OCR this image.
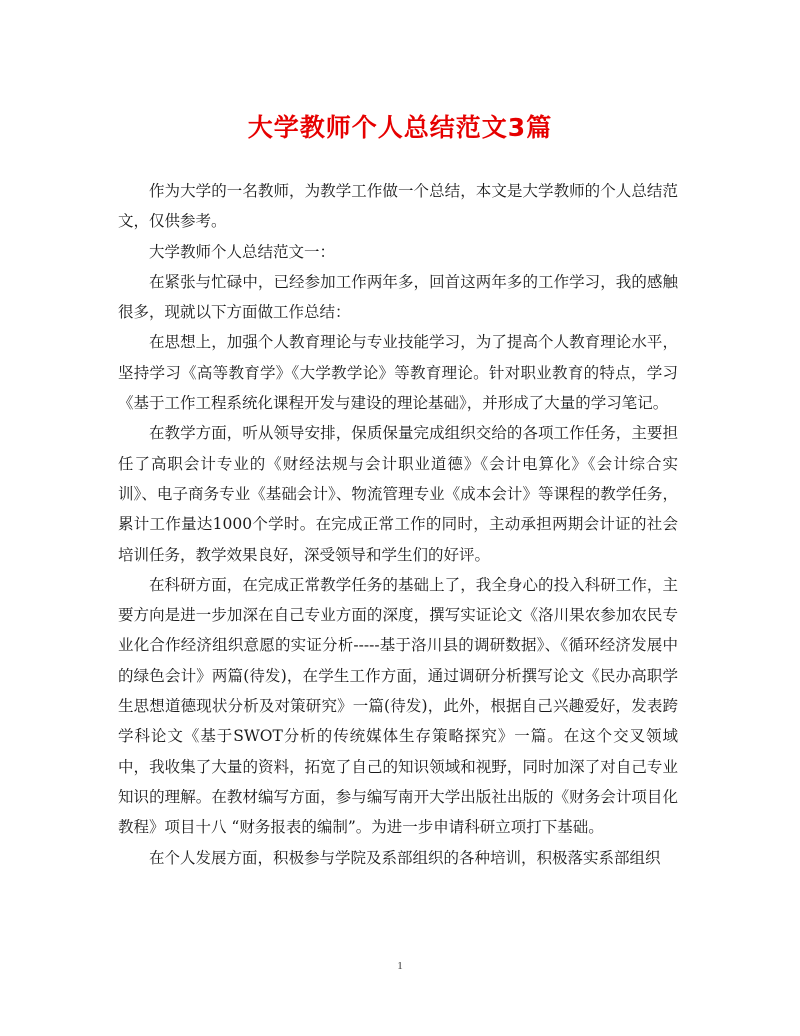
大学教师个人总结范文3篇

作为大学的一名教师，为教学工作做一个总结，本文是大学教师的个人总结范文，仅供参考。

大学教师个人总结范文一：

在紧张与忙碌中，已经参加工作两年多，回首这两年多的工作学习，我的感触很多，现就以下方面做工作总结：

在思想上，加强个人教育理论与专业技能学习，为了提高个人教育理论水平，坚持学习《高等教育学》《大学教学论》等教育理论。针对职业教育的特点，学习《基于工作工程系统化课程开发与建设的理论基础》，并形成了大量的学习笔记。

在教学方面，听从领导安排，保质保量完成组织交给的各项工作任务，主要担任了高职会计专业的《财经法规与会计职业道德》《会计电算化》《会计综合实训》、电子商务专业《基础会计》、物流管理专业《成本会计》等课程的教学任务，累计工作量达1000个学时。在完成正常工作的同时，主动承担两期会计证的社会培训任务，教学效果良好，深受领导和学生们的好评。

在科研方面，在完成正常教学任务的基础上了，我全身心的投入科研工作，主要方向是进一步加深在自己专业方面的深度，撰写实证论文《洛川果农参加农民专业化合作经济组织意愿的实证分析-----基于洛川县的调研数据》、《循环经济发展中的绿色会计》两篇(待发)，在学生工作方面，通过调研分析撰写论文《民办高职学生思想道德现状分析及对策研究》一篇(待发)，此外，根据自己兴趣爱好，发表跨学科论文《基于SWOT分析的传统媒体生存策略探究》一篇。在这个交叉领域中，我收集了大量的资料，拓宽了自己的知识领域和视野，同时加深了对自己专业知识的理解。在教材编写方面，参与编写南开大学出版社出版的《财务会计项目化教程》项目十八 “财务报表的编制”。为进一步申请科研立项打下基础。

在个人发展方面，积极参与学院及系部组织的各种培训，积极落实系部组织

1
